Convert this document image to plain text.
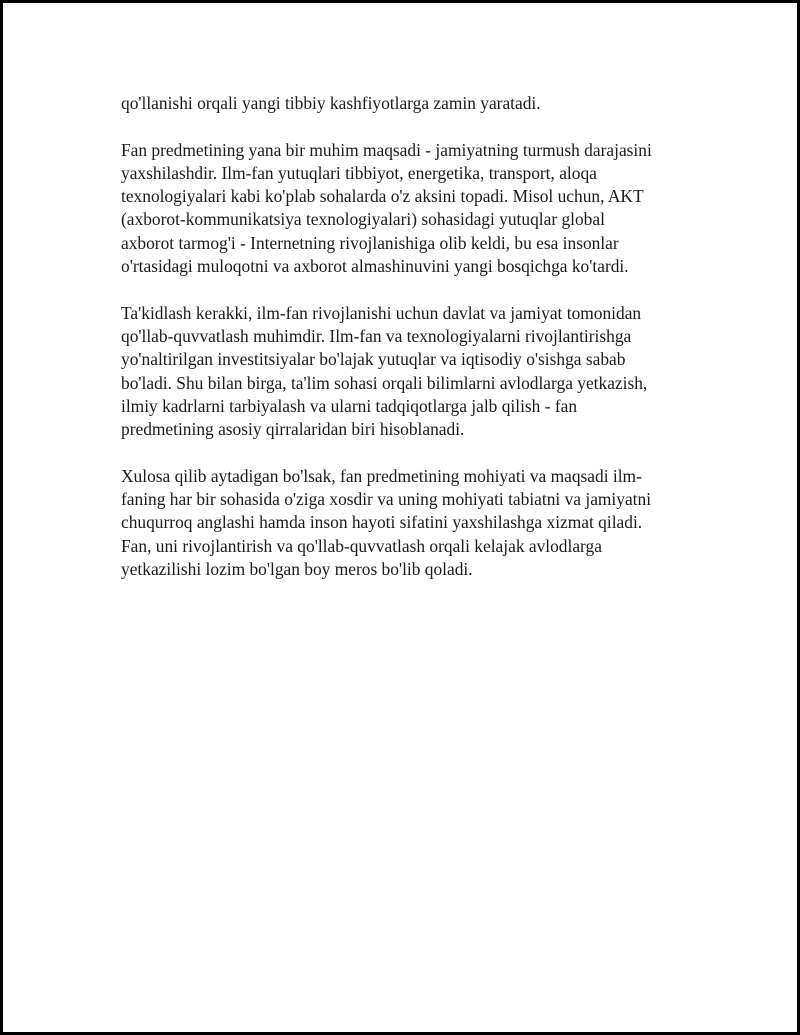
qo'llanishi orqali yangi tibbiy kashfiyotlarga zamin yaratadi.

Fan predmetining yana bir muhim maqsadi - jamiyatning turmush darajasini
yaxshilashdir. Ilm-fan yutuqlari tibbiyot, energetika, transport, aloqa
texnologiyalari kabi ko'plab sohalarda o'z aksini topadi. Misol uchun, AKT
(axborot-kommunikatsiya texnologiyalari) sohasidagi yutuqlar global
axborot tarmog'i - Internetning rivojlanishiga olib keldi, bu esa insonlar
o'rtasidagi muloqotni va axborot almashinuvini yangi bosqichga ko'tardi.

Ta'kidlash kerakki, ilm-fan rivojlanishi uchun davlat va jamiyat tomonidan
qo'llab-quvvatlash muhimdir. Ilm-fan va texnologiyalarni rivojlantirishga
yo'naltirilgan investitsiyalar bo'lajak yutuqlar va iqtisodiy o'sishga sabab
bo'ladi. Shu bilan birga, ta'lim sohasi orqali bilimlarni avlodlarga yetkazish,
ilmiy kadrlarni tarbiyalash va ularni tadqiqotlarga jalb qilish - fan
predmetining asosiy qirralaridan biri hisoblanadi.

Xulosa qilib aytadigan bo'lsak, fan predmetining mohiyati va maqsadi ilm-
faning har bir sohasida o'ziga xosdir va uning mohiyati tabiatni va jamiyatni
chuqurroq anglashi hamda inson hayoti sifatini yaxshilashga xizmat qiladi.
Fan, uni rivojlantirish va qo'llab-quvvatlash orqali kelajak avlodlarga
yetkazilishi lozim bo'lgan boy meros bo'lib qoladi.
